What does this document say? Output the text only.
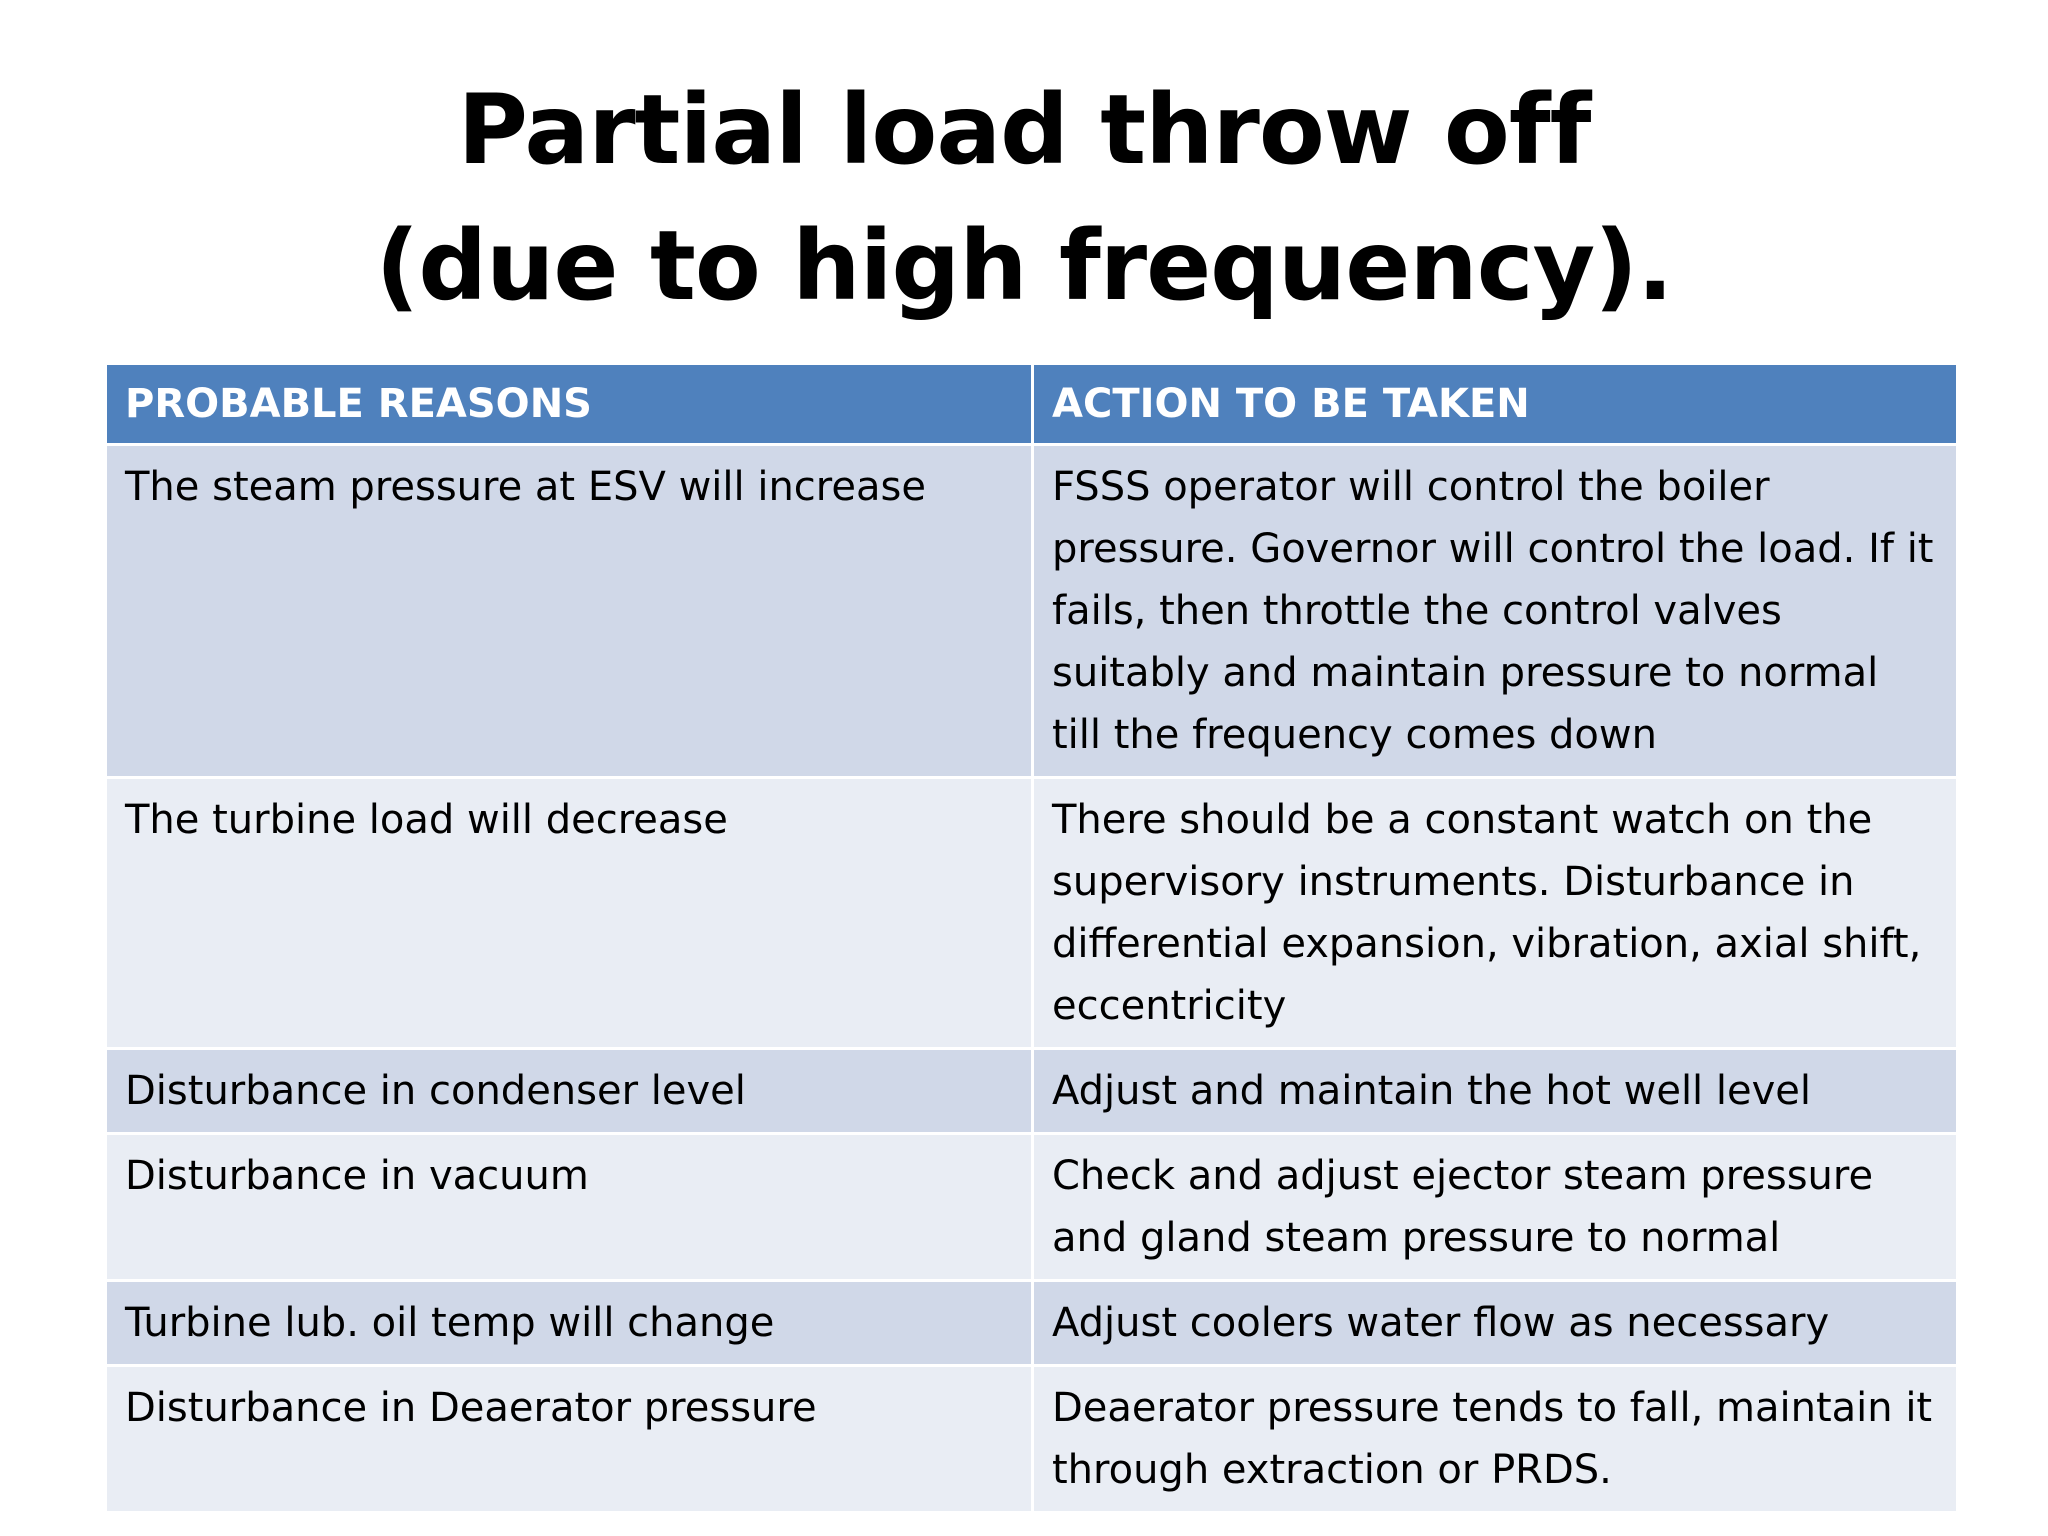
Partial load throw off
(due to high frequency).
PROBABLE REASONS	ACTION TO BE TAKEN
The steam pressure at ESV will increase	FSSS operator will control the boiler pressure. Governor will control the load. If it fails, then throttle the control valves suitably and maintain pressure to normal till the frequency comes down
The turbine load will decrease	There should be a constant watch on the supervisory instruments. Disturbance in differential expansion, vibration, axial shift, eccentricity
Disturbance in condenser level	Adjust and maintain the hot well level
Disturbance in vacuum	Check and adjust ejector steam pressure and gland steam pressure to normal
Turbine lub. oil temp will change	Adjust coolers water flow as necessary
Disturbance in Deaerator pressure	Deaerator pressure tends to fall, maintain it through extraction or PRDS.
